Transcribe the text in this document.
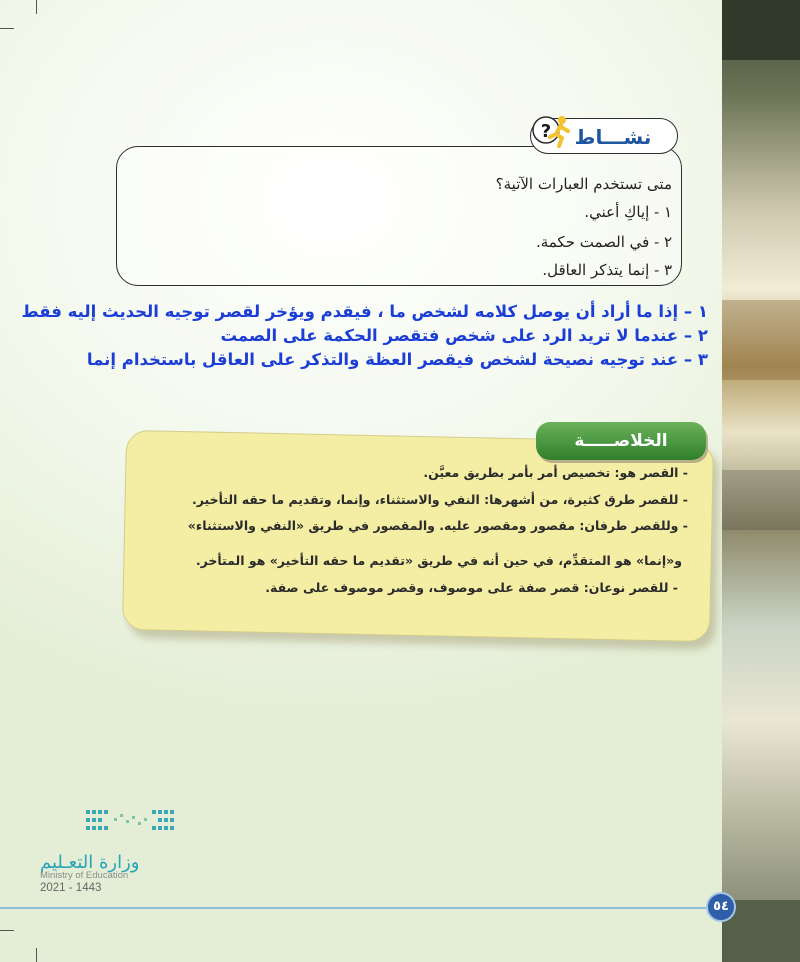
نشـــاط
?
متى تستخدم العبارات الآتية؟
١ - إياكِ أعني.
٢ - في الصمت حكمة.
٣ - إنما يتذكر العاقل.
١ – إذا ما أراد أن يوصل كلامه لشخص ما ، فيقدم ويؤخر لقصر توجيه الحديث إليه فقط
٢ – عندما لا تريد الرد على شخص فتقصر الحكمة على الصمت
٣ – عند توجيه نصيحة لشخص فيقصر العظة والتذكر على العاقل باستخدام إنما
الخلاصـــــة
- القصر هو: تخصيص أمر بأمر بطريق معيَّن.
- للقصر طرق كثيرة، من أشهرها: النفي والاستثناء، وإنما، وتقديم ما حقه التأخير.
- وللقصر طرفان: مقصور ومقصور عليه. والمقصور في طريق «النفي والاستثناء»
و«إنما» هو المتقدِّم، في حين أنه في طريق «تقديم ما حقه التأخير» هو المتأخر.
- للقصر نوعان: قصر صفة على موصوف، وقصر موصوف على صفة.
وزارة التعـليم
Ministry of Education
2021 - 1443
٥٤
